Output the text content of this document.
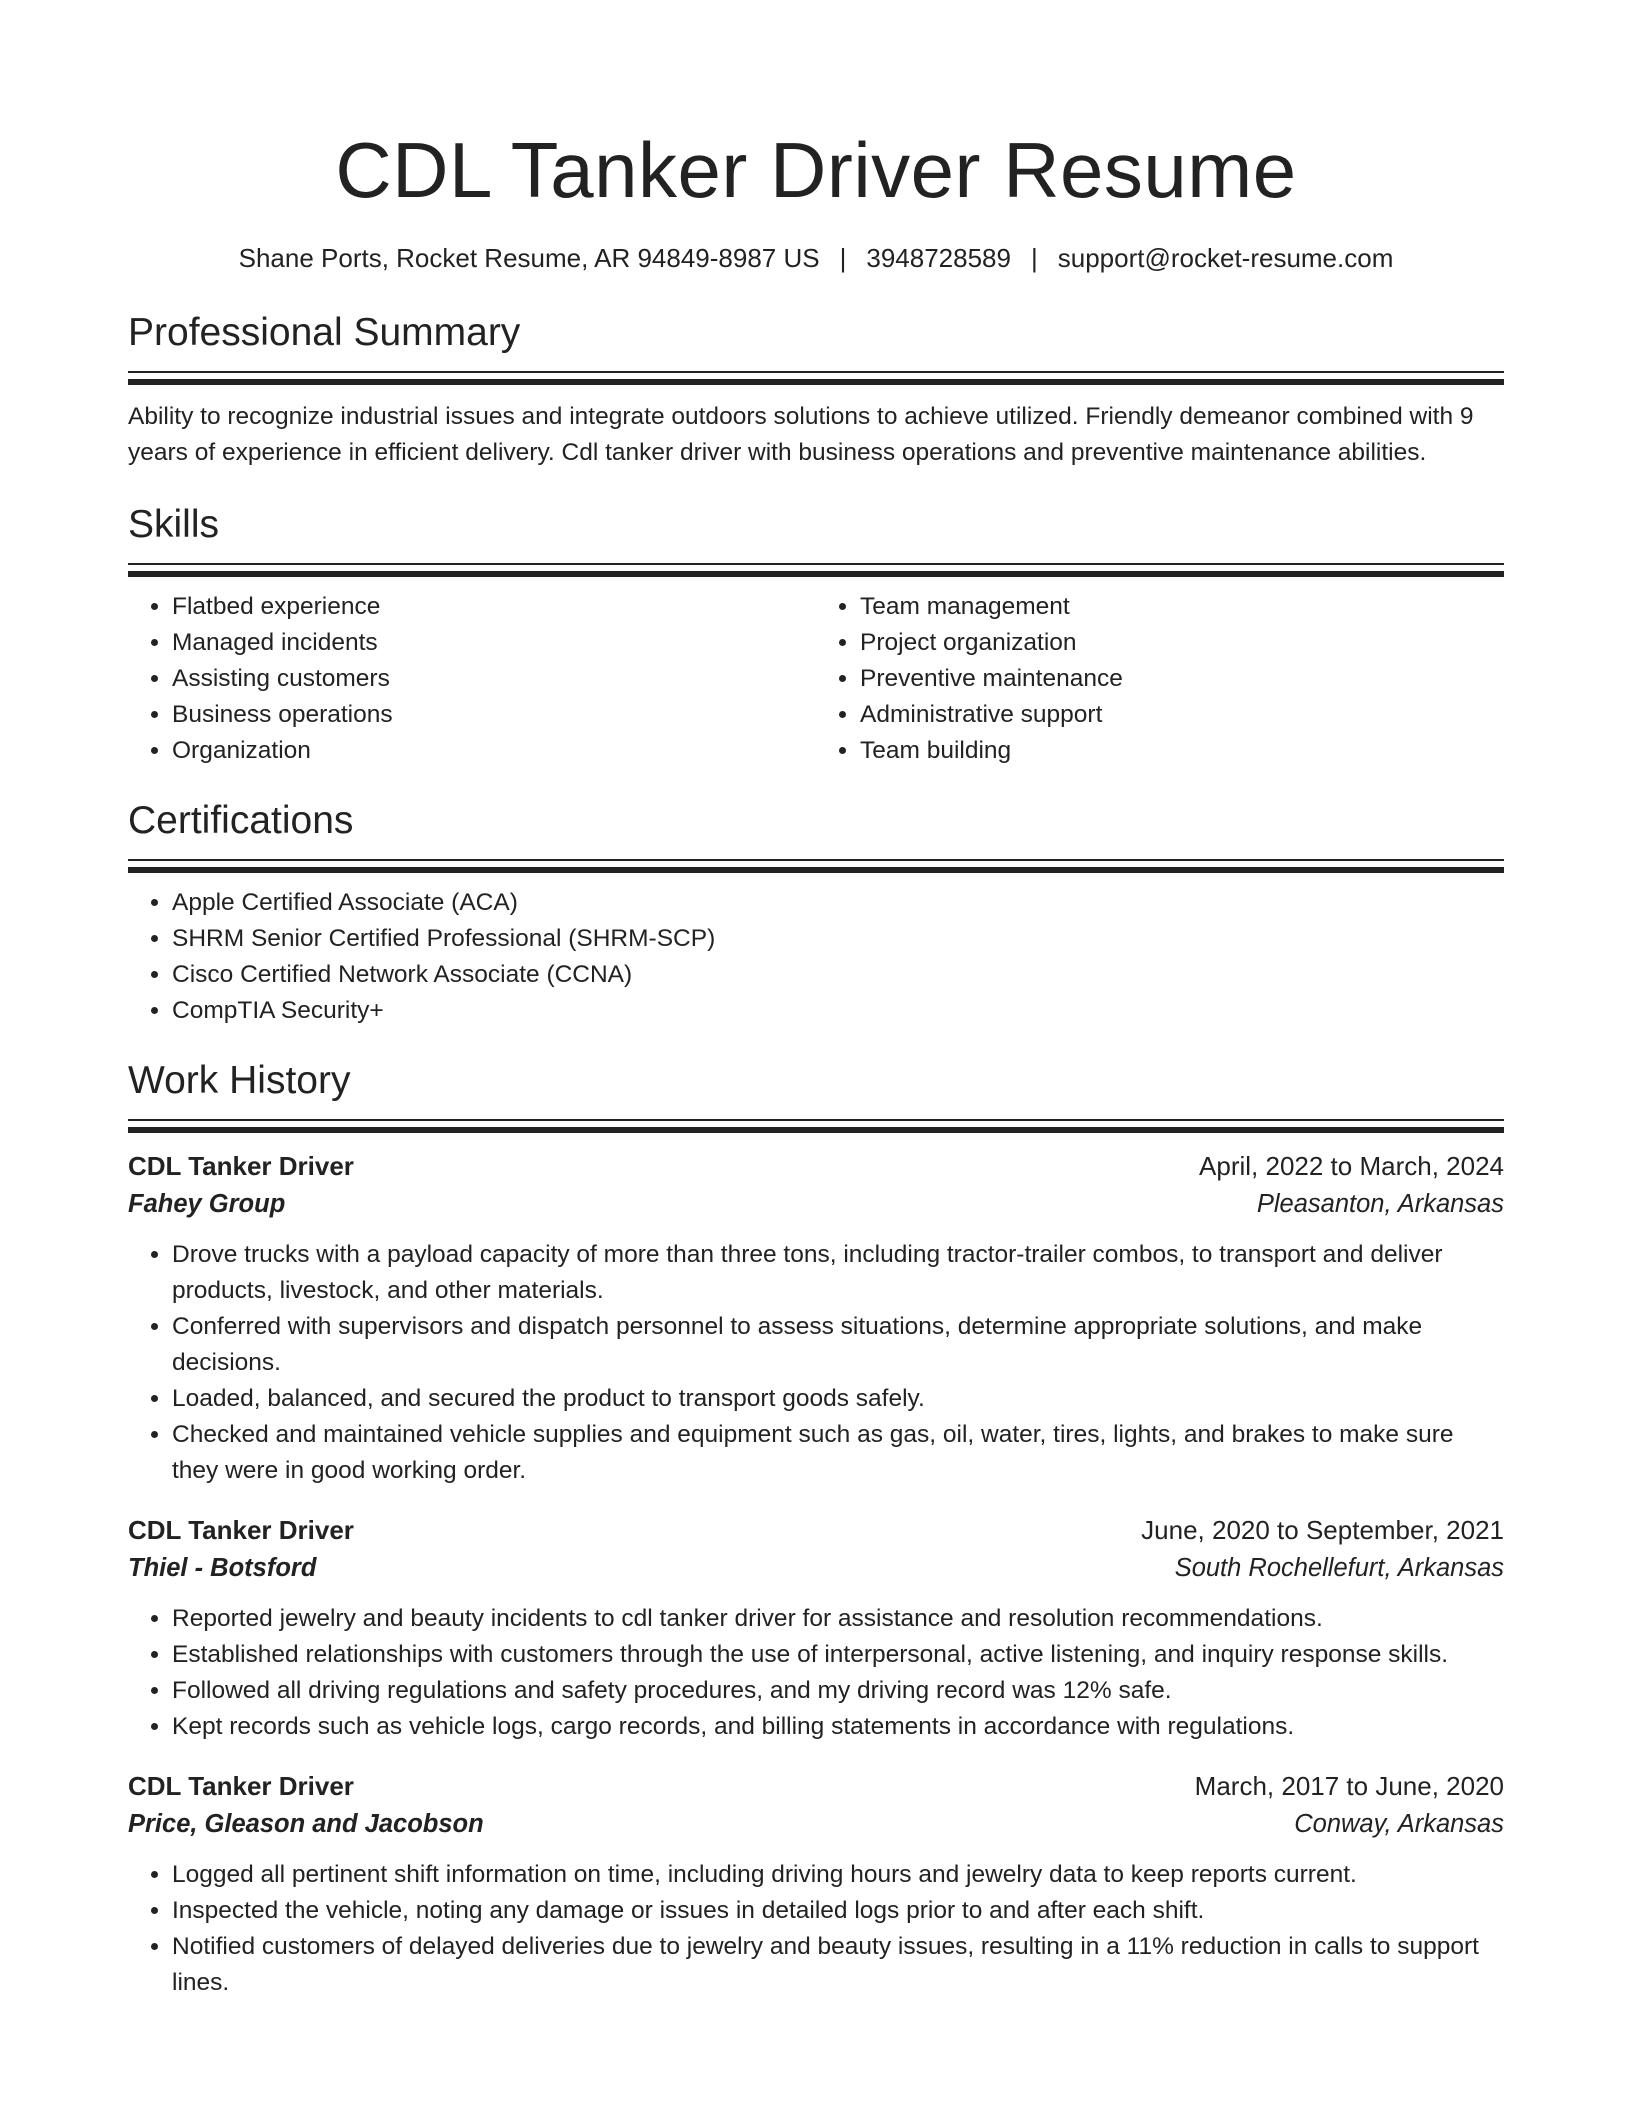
CDL Tanker Driver Resume
Shane Ports, Rocket Resume, AR 94849-8987 US | 3948728589 | support@rocket-resume.com
Professional Summary

Ability to recognize industrial issues and integrate outdoors solutions to achieve utilized. Friendly demeanor combined with 9 years of experience in efficient delivery. Cdl tanker driver with business operations and preventive maintenance abilities.

Skills
• Flatbed experience
• Managed incidents
• Assisting customers
• Business operations
• Organization
• Team management
• Project organization
• Preventive maintenance
• Administrative support
• Team building
Certifications
• Apple Certified Associate (ACA)
• SHRM Senior Certified Professional (SHRM-SCP)
• Cisco Certified Network Associate (CCNA)
• CompTIA Security+
Work History
CDL Tanker Driver	April, 2022 to March, 2024
Fahey Group	Pleasanton, Arkansas
• Drove trucks with a payload capacity of more than three tons, including tractor-trailer combos, to transport and deliver products, livestock, and other materials.
• Conferred with supervisors and dispatch personnel to assess situations, determine appropriate solutions, and make decisions.
• Loaded, balanced, and secured the product to transport goods safely.
• Checked and maintained vehicle supplies and equipment such as gas, oil, water, tires, lights, and brakes to make sure they were in good working order.
CDL Tanker Driver	June, 2020 to September, 2021
Thiel - Botsford	South Rochellefurt, Arkansas
• Reported jewelry and beauty incidents to cdl tanker driver for assistance and resolution recommendations.
• Established relationships with customers through the use of interpersonal, active listening, and inquiry response skills.
• Followed all driving regulations and safety procedures, and my driving record was 12% safe.
• Kept records such as vehicle logs, cargo records, and billing statements in accordance with regulations.
CDL Tanker Driver	March, 2017 to June, 2020
Price, Gleason and Jacobson	Conway, Arkansas
• Logged all pertinent shift information on time, including driving hours and jewelry data to keep reports current.
• Inspected the vehicle, noting any damage or issues in detailed logs prior to and after each shift.
• Notified customers of delayed deliveries due to jewelry and beauty issues, resulting in a 11% reduction in calls to support lines.
